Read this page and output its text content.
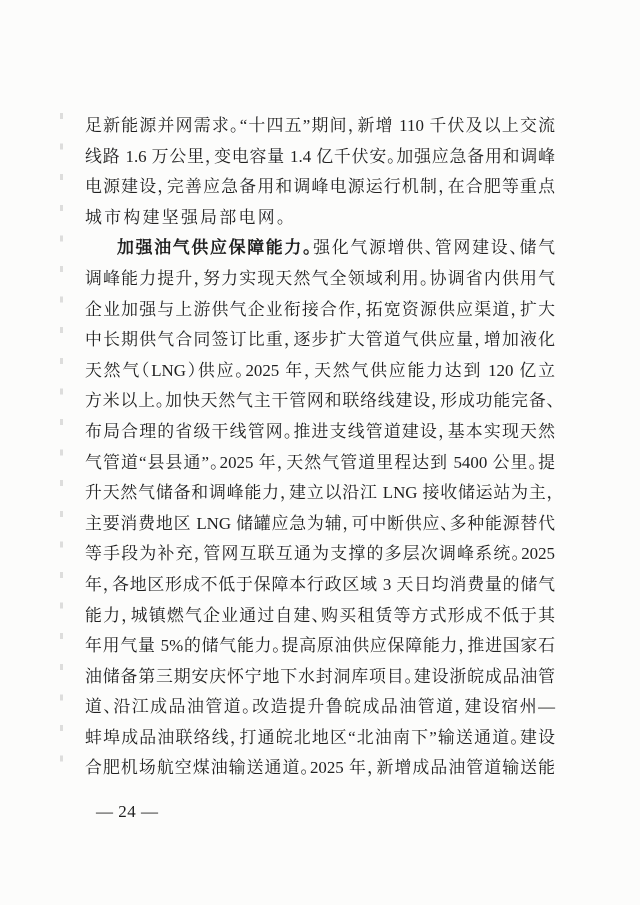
足新能源并网需求。“十四五”期间，新增 110 千伏及以上交流
线路 1.6 万公里，变电容量 1.4 亿千伏安。加强应急备用和调峰
电源建设，完善应急备用和调峰电源运行机制，在合肥等重点
城市构建坚强局部电网。
加强油气供应保障能力。强化气源增供、管网建设、储气
调峰能力提升，努力实现天然气全领域利用。协调省内供用气
企业加强与上游供气企业衔接合作，拓宽资源供应渠道，扩大
中长期供气合同签订比重，逐步扩大管道气供应量，增加液化
天然气（LNG）供应。2025 年，天然气供应能力达到 120 亿立
方米以上。加快天然气主干管网和联络线建设，形成功能完备、
布局合理的省级干线管网。推进支线管道建设，基本实现天然
气管道“县县通”。2025 年，天然气管道里程达到 5400 公里。提
升天然气储备和调峰能力，建立以沿江 LNG 接收储运站为主，
主要消费地区 LNG 储罐应急为辅，可中断供应、多种能源替代
等手段为补充，管网互联互通为支撑的多层次调峰系统。2025
年，各地区形成不低于保障本行政区域 3 天日均消费量的储气
能力，城镇燃气企业通过自建、购买租赁等方式形成不低于其
年用气量 5%的储气能力。提高原油供应保障能力，推进国家石
油储备第三期安庆怀宁地下水封洞库项目。建设浙皖成品油管
道、沿江成品油管道。改造提升鲁皖成品油管道，建设宿州—
蚌埠成品油联络线，打通皖北地区“北油南下”输送通道。建设
合肥机场航空煤油输送通道。2025 年，新增成品油管道输送能
— 24 —
